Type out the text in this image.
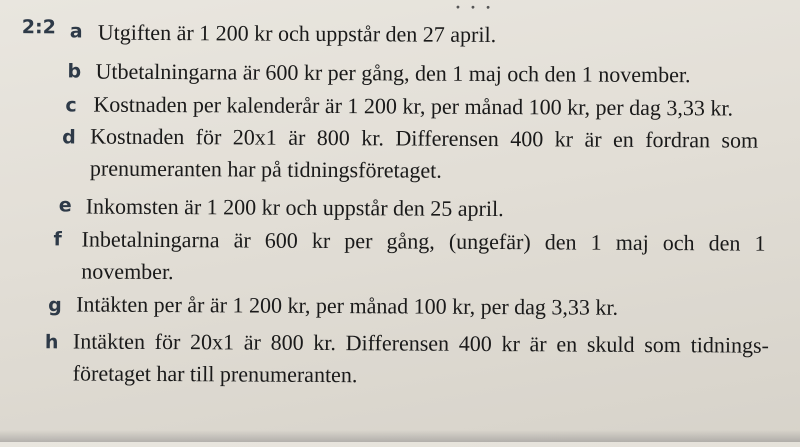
• • •
2:2 a Utgiften är 1 200 kr och uppstår den 27 april.
b Utbetalningarna är 600 kr per gång, den 1 maj och den 1 november.
c Kostnaden per kalenderår är 1 200 kr, per månad 100 kr, per dag 3,33 kr.
d Kostnaden för 20x1 är 800 kr. Differensen 400 kr är en fordran som
prenumeranten har på tidningsföretaget.
e Inkomsten är 1 200 kr och uppstår den 25 april.
f Inbetalningarna är 600 kr per gång, (ungefär) den 1 maj och den 1
november.
g Intäkten per år är 1 200 kr, per månad 100 kr, per dag 3,33 kr.
h Intäkten för 20x1 är 800 kr. Differensen 400 kr är en skuld som tidnings-
företaget har till prenumeranten.
